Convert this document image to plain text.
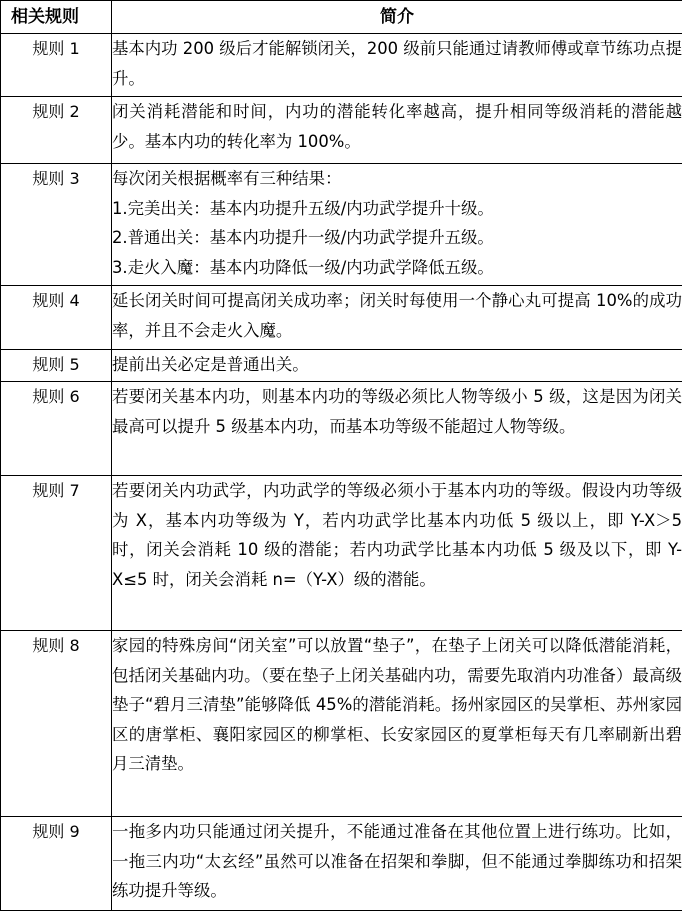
相关规则	简介
规则 1	基本内功 200 级后才能解锁闭关，200 级前只能通过请教师傅或章节练功点提升。
规则 2	闭关消耗潜能和时间，内功的潜能转化率越高，提升相同等级消耗的潜能越少。基本内功的转化率为 100%。
规则 3	每次闭关根据概率有三种结果：
1.完美出关：基本内功提升五级/内功武学提升十级。
2.普通出关：基本内功提升一级/内功武学提升五级。
3.走火入魔：基本内功降低一级/内功武学降低五级。

规则 4	延长闭关时间可提高闭关成功率；闭关时每使用一个静心丸可提高 10%的成功率，并且不会走火入魔。
规则 5	提前出关必定是普通出关。
规则 6	若要闭关基本内功，则基本内功的等级必须比人物等级小 5 级，这是因为闭关最高可以提升 5 级基本内功，而基本功等级不能超过人物等级。
规则 7	若要闭关内功武学，内功武学的等级必须小于基本内功的等级。假设内功等级为 X，基本内功等级为 Y，若内功武学比基本内功低 5 级以上，即 Y-X＞5 时，闭关会消耗 10 级的潜能；若内功武学比基本内功低 5 级及以下，即 Y-X≤5 时，闭关会消耗 n=（Y-X）级的潜能。
规则 8	家园的特殊房间“闭关室”可以放置“垫子”，在垫子上闭关可以降低潜能消耗，包括闭关基础内功。（要在垫子上闭关基础内功，需要先取消内功准备）最高级垫子“碧月三清垫”能够降低 45%的潜能消耗。扬州家园区的吴掌柜、苏州家园区的唐掌柜、襄阳家园区的柳掌柜、长安家园区的夏掌柜每天有几率刷新出碧月三清垫。
规则 9	一拖多内功只能通过闭关提升，不能通过准备在其他位置上进行练功。比如，一拖三内功“太玄经”虽然可以准备在招架和拳脚，但不能通过拳脚练功和招架练功提升等级。
